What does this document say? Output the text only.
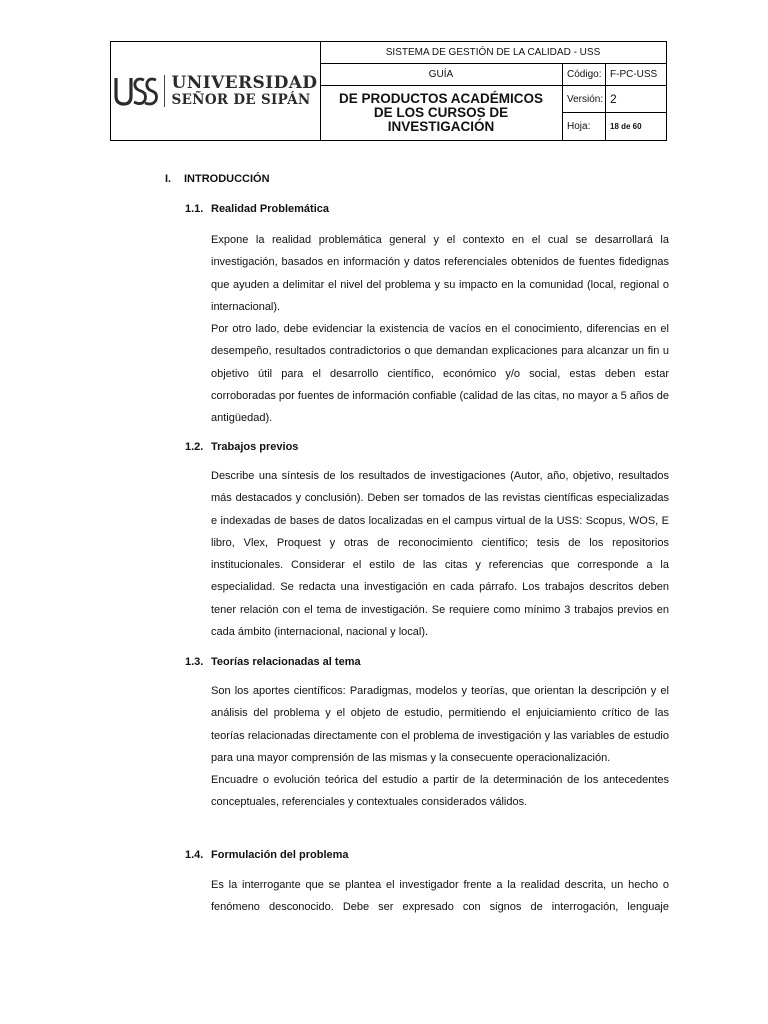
UNIVERSIDAD
SEÑOR DE SIPÁN
SISTEMA DE GESTIÓN DE LA CALIDAD - USS
GUÍA	Código: F-PC-USS
DE PRODUCTOS ACADÉMICOS DE LOS CURSOS DE INVESTIGACIÓN
Versión: 2
Hoja:	18 de 60
I. INTRODUCCIÓN
1.1. Realidad Problemática

Expone la realidad problemática general y el contexto en el cual se desarrollará la investigación, basados en información y datos referenciales obtenidos de fuentes fidedignas que ayuden a delimitar el nivel del problema y su impacto en la comunidad (local, regional o internacional).

Por otro lado, debe evidenciar la existencia de vacíos en el conocimiento, diferencias en el desempeño, resultados contradictorios o que demandan explicaciones para alcanzar un fin u objetivo útil para el desarrollo científico, económico y/o social, estas deben estar corroboradas por fuentes de información confiable (calidad de las citas, no mayor a 5 años de antigüedad).

1.2. Trabajos previos

Describe una síntesis de los resultados de investigaciones (Autor, año, objetivo, resultados más destacados y conclusión). Deben ser tomados de las revistas científicas especializadas e indexadas de bases de datos localizadas en el campus virtual de la USS: Scopus, WOS, E libro, Vlex, Proquest y otras de reconocimiento científico; tesis de los repositorios institucionales. Considerar el estilo de las citas y referencias que corresponde a la especialidad. Se redacta una investigación en cada párrafo. Los trabajos descritos deben tener relación con el tema de investigación. Se requiere como mínimo 3 trabajos previos en cada ámbito (internacional, nacional y local).

1.3. Teorías relacionadas al tema

Son los aportes científicos: Paradigmas, modelos y teorías, que orientan la descripción y el análisis del problema y el objeto de estudio, permitiendo el enjuiciamiento crítico de las teorías relacionadas directamente con el problema de investigación y las variables de estudio para una mayor comprensión de las mismas y la consecuente operacionalización.

Encuadre o evolución teórica del estudio a partir de la determinación de los antecedentes conceptuales, referenciales y contextuales considerados válidos.

1.4. Formulación del problema

Es la interrogante que se plantea el investigador frente a la realidad descrita, un hecho o fenómeno desconocido. Debe ser expresado con signos de interrogación, lenguaje
